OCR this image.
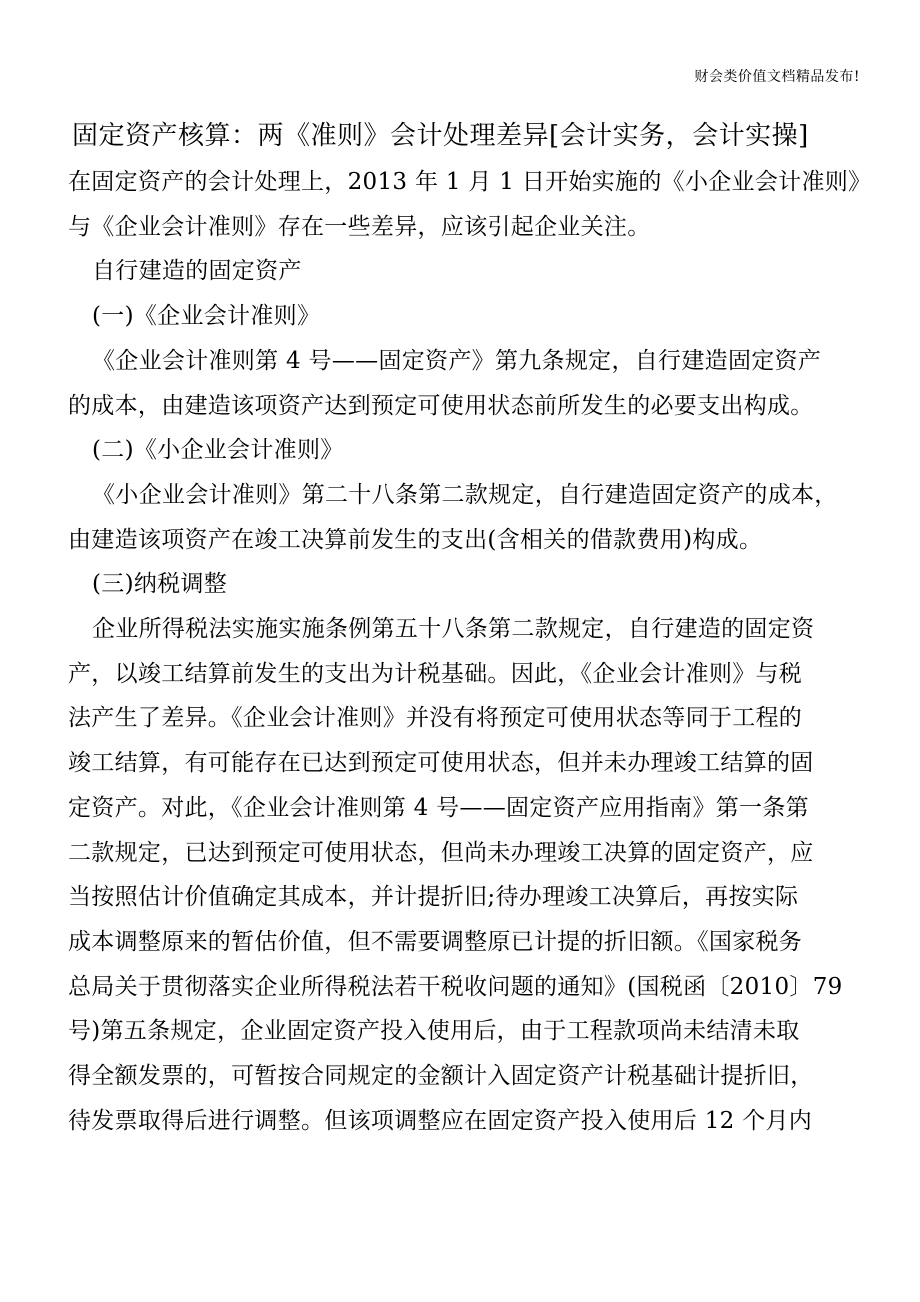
财会类价值文档精品发布!
固定资产核算：两《准则》会计处理差异[会计实务，会计实操]
在固定资产的会计处理上，2013 年 1 月 1 日开始实施的《小企业会计准则》
与《企业会计准则》存在一些差异，应该引起企业关注。
自行建造的固定资产
(一)《企业会计准则》
《企业会计准则第 4 号——固定资产》第九条规定，自行建造固定资产
的成本，由建造该项资产达到预定可使用状态前所发生的必要支出构成。
(二)《小企业会计准则》
《小企业会计准则》第二十八条第二款规定，自行建造固定资产的成本，
由建造该项资产在竣工决算前发生的支出(含相关的借款费用)构成。
(三)纳税调整
企业所得税法实施实施条例第五十八条第二款规定，自行建造的固定资
产，以竣工结算前发生的支出为计税基础。因此，《企业会计准则》与税
法产生了差异。《企业会计准则》并没有将预定可使用状态等同于工程的
竣工结算，有可能存在已达到预定可使用状态，但并未办理竣工结算的固
定资产。对此，《企业会计准则第 4 号——固定资产应用指南》第一条第
二款规定，已达到预定可使用状态，但尚未办理竣工决算的固定资产，应
当按照估计价值确定其成本，并计提折旧;待办理竣工决算后，再按实际
成本调整原来的暂估价值，但不需要调整原已计提的折旧额。《国家税务
总局关于贯彻落实企业所得税法若干税收问题的通知》(国税函〔2010〕79
号)第五条规定，企业固定资产投入使用后，由于工程款项尚未结清未取
得全额发票的，可暂按合同规定的金额计入固定资产计税基础计提折旧，
待发票取得后进行调整。但该项调整应在固定资产投入使用后 12 个月内
